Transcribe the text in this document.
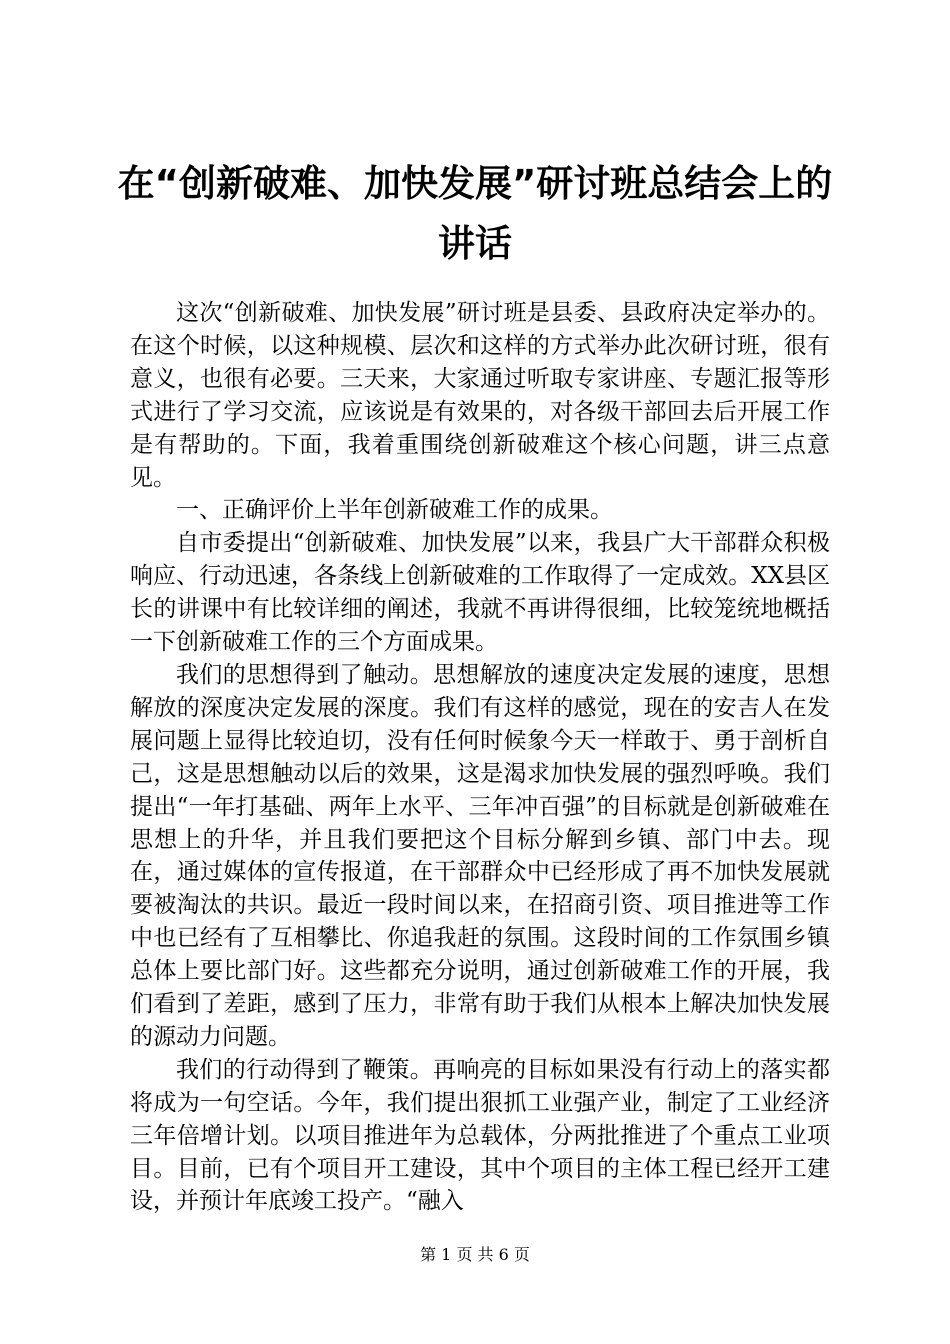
在“创新破难、加快发展”研讨班总结会上的
讲话

这次“创新破难、加快发展”研讨班是县委、县政府决定举办的。在这个时候，以这种规模、层次和这样的方式举办此次研讨班，很有意义，也很有必要。三天来，大家通过听取专家讲座、专题汇报等形式进行了学习交流，应该说是有效果的，对各级干部回去后开展工作是有帮助的。下面，我着重围绕创新破难这个核心问题，讲三点意见。

一、正确评价上半年创新破难工作的成果。

自市委提出“创新破难、加快发展”以来，我县广大干部群众积极响应、行动迅速，各条线上创新破难的工作取得了一定成效。XX县区长的讲课中有比较详细的阐述，我就不再讲得很细，比较笼统地概括一下创新破难工作的三个方面成果。

我们的思想得到了触动。思想解放的速度决定发展的速度，思想解放的深度决定发展的深度。我们有这样的感觉，现在的安吉人在发展问题上显得比较迫切，没有任何时候象今天一样敢于、勇于剖析自己，这是思想触动以后的效果，这是渴求加快发展的强烈呼唤。我们提出“一年打基础、两年上水平、三年冲百强”的目标就是创新破难在思想上的升华，并且我们要把这个目标分解到乡镇、部门中去。现在，通过媒体的宣传报道，在干部群众中已经形成了再不加快发展就要被淘汰的共识。最近一段时间以来，在招商引资、项目推进等工作中也已经有了互相攀比、你追我赶的氛围。这段时间的工作氛围乡镇总体上要比部门好。这些都充分说明，通过创新破难工作的开展，我们看到了差距，感到了压力，非常有助于我们从根本上解决加快发展的源动力问题。

我们的行动得到了鞭策。再响亮的目标如果没有行动上的落实都将成为一句空话。今年，我们提出狠抓工业强产业，制定了工业经济三年倍增计划。以项目推进年为总载体，分两批推进了个重点工业项目。目前，已有个项目开工建设，其中个项目的主体工程已经开工建设，并预计年底竣工投产。“融入

第 1 页 共 6 页
